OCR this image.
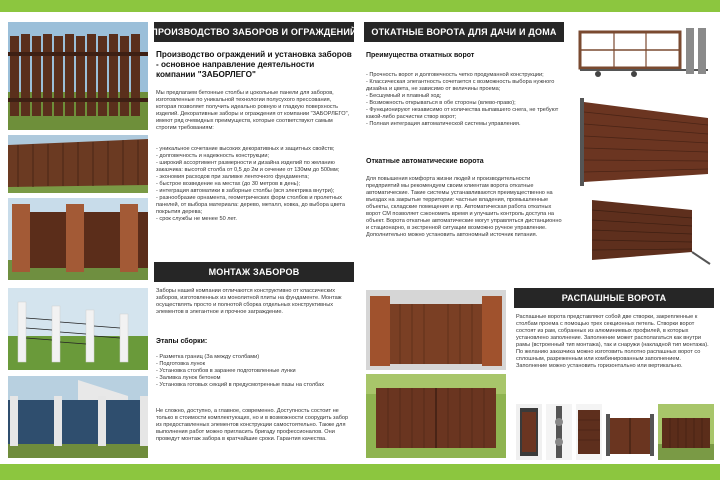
ПРОИЗВОДСТВО ЗАБОРОВ И ОГРАЖДЕНИЙ
Производство ограждений и установка заборов - основное направление деятельности компании "ЗАБОРЛЕГО"
Мы предлагаем бетонные столбы и цокольные панели для заборов, изготовленные по уникальной технологии полусухого прессования, которая позволяет получить идеально ровную и гладкую поверхность изделий. Декоративные заборы и ограждения от компании "ЗАБОРЛЕГО", имеют ряд очевидных преимуществ, которые соответствуют самым строгим требованиям:
- уникальное сочетание высоких декоративных и защитных свойств;
- долговечность и надежность конструкции;
- широкий ассортимент размерности и дизайна изделий по желанию заказчика: высотой столба от 0,5 до 2м и сечение от 130мм до 500мм;
- экономия расходов при заливке ленточного фундамента;
- быстрое возведение на местах (до 30 метров в день);
- интеграция автоматики в заборные столбы (вся электрика внутри);
- разнообразие орнамента, геометрических форм столбов и пролетных панелей, от выбора материала: дерево, металл, ковка, до выбора цвета покрытия дерева;
- срок службы не менее 50 лет.
МОНТАЖ ЗАБОРОВ
Заборы нашей компании отличаются конструктивно от классических заборов, изготовленных из монолитной плиты на фундаменте. Монтаж осуществлять просто и полнотой сборка отдельных конструктивных элементов в элегантное и прочное заграждение.
Этапы сборки:
- Разметка границ (За между столбами)
- Подготовка лунок
- Установка столбов в заранее подготовленные лунки
- Заливка лунок бетоном
- Установка готовых секций в предусмотренные пазы на столбах
Не сложно, доступно, а главное, современно. Доступность состоит не только в стоимости комплектующих, но и в возможности соорудить забор из предоставленных элементов конструкции самостоятельно. Также для выполнения работ можно пригласить бригаду профессионалов. Они проведут монтаж забора в кратчайшие сроки. Гарантия качества.
ОТКАТНЫЕ ВОРОТА ДЛЯ ДАЧИ И ДОМА
Преимущества откатных ворот
- Прочность ворот и долговечность четко продуманной конструкции;
- Классическая элегантность сочетается с возможность выбора нужного дизайна и цвета, не зависимо от величины проема;
- Бесшумный и плавный ход;
- Возможность открываться в обе стороны (влево-право);
- Функционируют независимо от количества выпавшего снега, не требуют какой-либо расчистки створ ворот;
- Полная интеграция автоматической системы управления.
Откатные автоматические ворота
Для повышения комфорта жизни людей и производительности предприятий мы рекомендуем своим клиентам ворота откатные автоматические. Такие системы устанавливаются преимущественно на въездах на закрытые территории: частные владения, промышленные объекты, складские помещения и пр. Автоматическая работа откатных ворот СМ позволяет сэкономить время и улучшить контроль доступа на объект. Ворота откатные автоматические могут управляться дистанционно и стационарно, в экстренной ситуации возможно ручное управление. Дополнительно можно установить автономный источник питания.
РАСПАШНЫЕ ВОРОТА
Распашные ворота представляют собой две створки, закрепленные к столбам проема с помощью трех секционных петель. Створки ворот состоят из рам, собранных из алюминиевых профилей, в которых установлено заполнение. Заполнение может располагаться как внутри рамы (встроенный тип монтажа), так и снаружи (накладной тип монтажа). По желанию заказчика можно изготовить полотно распашных ворот со сплошным, разреженным или комбинированным заполнением. Заполнение можно установить горизонтально или вертикально.
